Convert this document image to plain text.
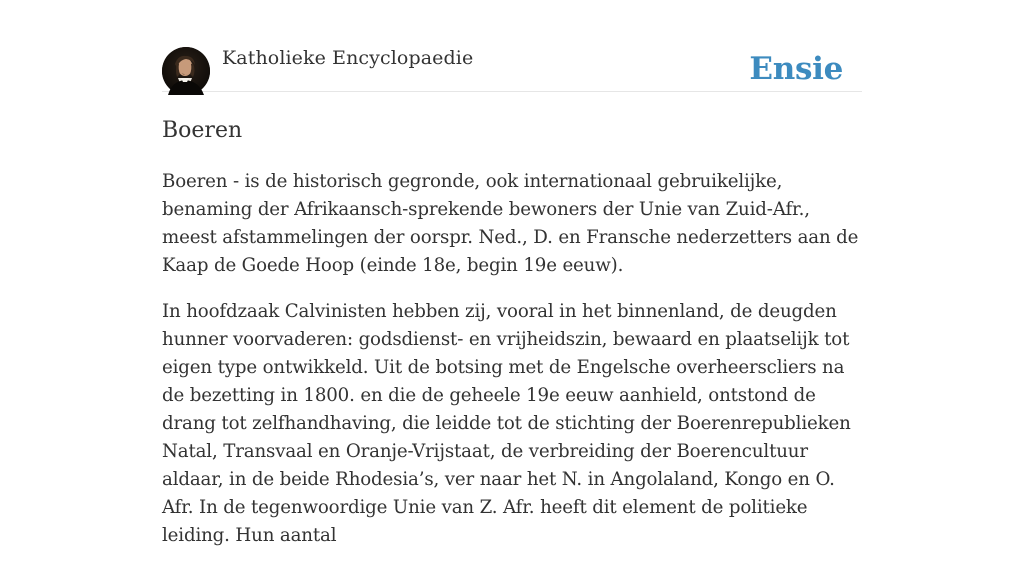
Katholieke Encyclopaedie	Ensie
Boeren

Boeren - is de historisch gegronde, ook internationaal gebruikelijke, benaming der Afrikaansch-sprekende bewoners der Unie van Zuid-Afr., meest afstammelingen der oorspr. Ned., D. en Fransche nederzetters aan de Kaap de Goede Hoop (einde 18e, begin 19e eeuw).

In hoofdzaak Calvinisten hebben zij, vooral in het binnenland, de deugden hunner voorvaderen: godsdienst- en vrijheidszin, bewaard en plaatselijk tot eigen type ontwikkeld. Uit de botsing met de Engelsche overheerscliers na de bezetting in 1800. en die de geheele 19e eeuw aanhield, ontstond de drang tot zelfhandhaving, die leidde tot de stichting der Boerenrepublieken Natal, Transvaal en Oranje-Vrijstaat, de verbreiding der Boerencultuur aldaar, in de beide Rhodesia’s, ver naar het N. in Angolaland, Kongo en O. Afr. In de tegenwoordige Unie van Z. Afr. heeft dit element de politieke leiding. Hun aantal
